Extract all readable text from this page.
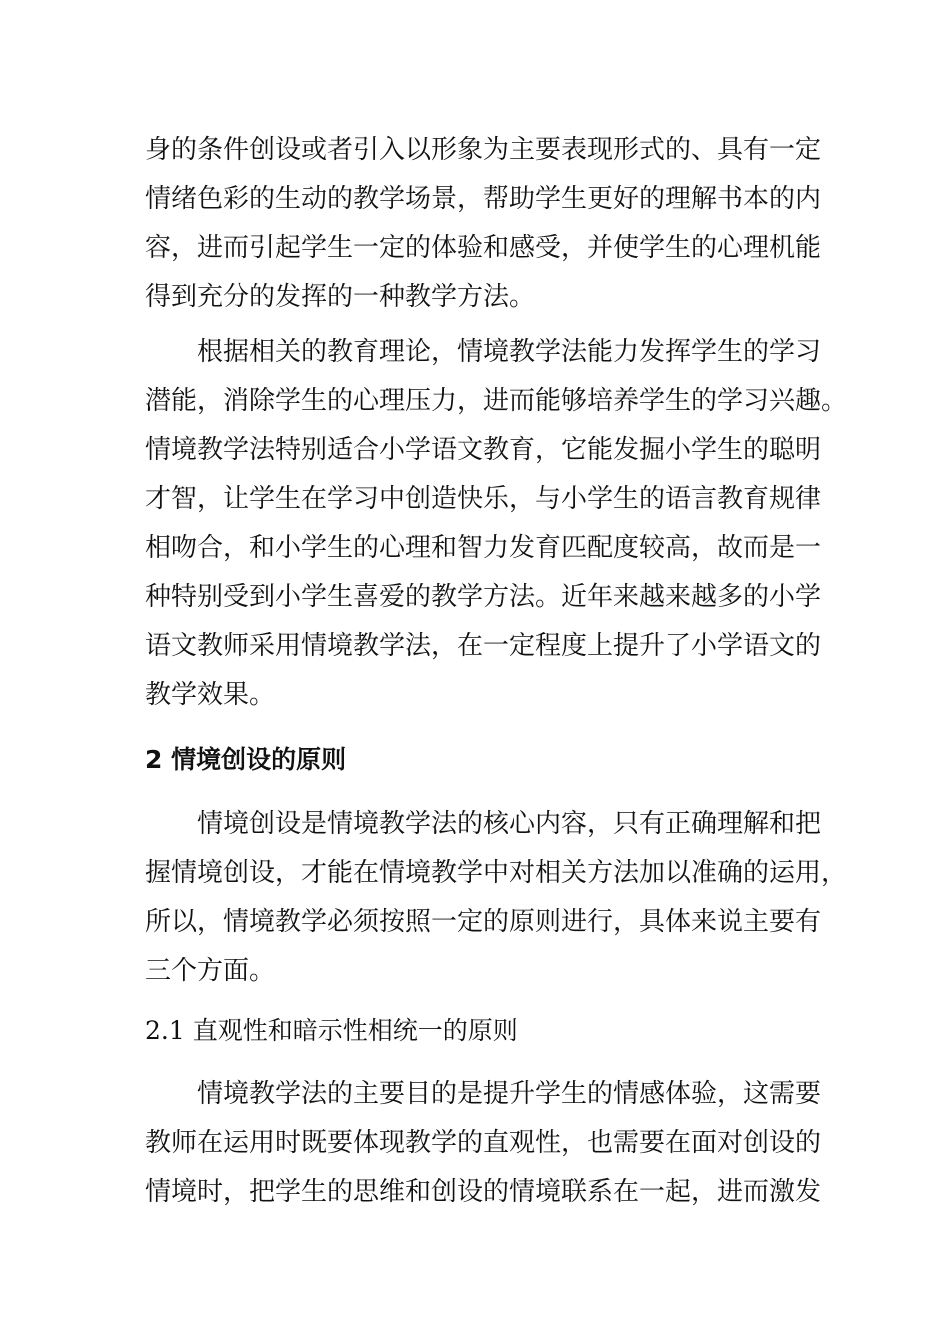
身的条件创设或者引入以形象为主要表现形式的、具有一定
情绪色彩的生动的教学场景，帮助学生更好的理解书本的内
容，进而引起学生一定的体验和感受，并使学生的心理机能
得到充分的发挥的一种教学方法。
根据相关的教育理论，情境教学法能力发挥学生的学习
潜能，消除学生的心理压力，进而能够培养学生的学习兴趣。
情境教学法特别适合小学语文教育，它能发掘小学生的聪明
才智，让学生在学习中创造快乐，与小学生的语言教育规律
相吻合，和小学生的心理和智力发育匹配度较高，故而是一
种特别受到小学生喜爱的教学方法。近年来越来越多的小学
语文教师采用情境教学法，在一定程度上提升了小学语文的
教学效果。
2 情境创设的原则
情境创设是情境教学法的核心内容，只有正确理解和把
握情境创设，才能在情境教学中对相关方法加以准确的运用，
所以，情境教学必须按照一定的原则进行，具体来说主要有
三个方面。
2.1 直观性和暗示性相统一的原则
情境教学法的主要目的是提升学生的情感体验，这需要
教师在运用时既要体现教学的直观性，也需要在面对创设的
情境时，把学生的思维和创设的情境联系在一起，进而激发
